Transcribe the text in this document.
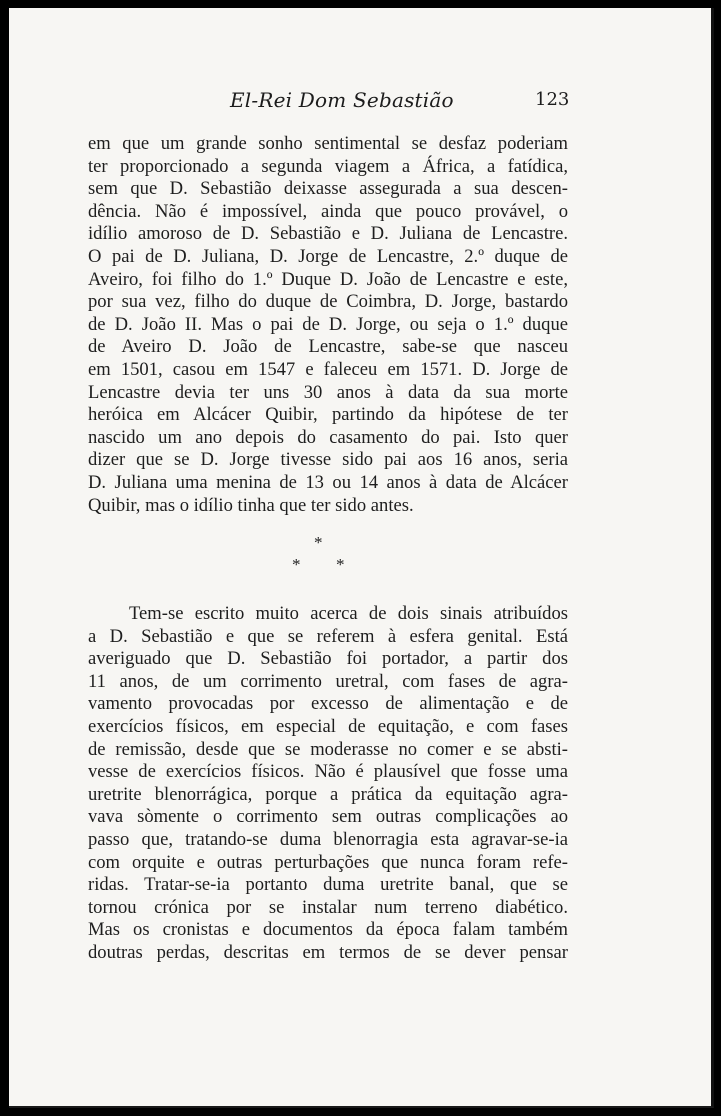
El-Rei Dom Sebastião	123
em que um grande sonho sentimental se desfaz poderiam
ter proporcionado a segunda viagem a África, a fatídica,
sem que D. Sebastião deixasse assegurada a sua descen-
dência. Não é impossível, ainda que pouco provável, o
idílio amoroso de D. Sebastião e D. Juliana de Lencastre.
O pai de D. Juliana, D. Jorge de Lencastre, 2.º duque de
Aveiro, foi filho do 1.º Duque D. João de Lencastre e este,
por sua vez, filho do duque de Coimbra, D. Jorge, bastardo
de D. João II. Mas o pai de D. Jorge, ou seja o 1.º duque
de Aveiro D. João de Lencastre, sabe-se que nasceu
em 1501, casou em 1547 e faleceu em 1571. D. Jorge de
Lencastre devia ter uns 30 anos à data da sua morte
heróica em Alcácer Quibir, partindo da hipótese de ter
nascido um ano depois do casamento do pai. Isto quer
dizer que se D. Jorge tivesse sido pai aos 16 anos, seria
D. Juliana uma menina de 13 ou 14 anos à data de Alcácer
Quibir, mas o idílio tinha que ter sido antes.
*
* *
Tem-se escrito muito acerca de dois sinais atribuídos
a D. Sebastião e que se referem à esfera genital. Está
averiguado que D. Sebastião foi portador, a partir dos
11 anos, de um corrimento uretral, com fases de agra-
vamento provocadas por excesso de alimentação e de
exercícios físicos, em especial de equitação, e com fases
de remissão, desde que se moderasse no comer e se absti-
vesse de exercícios físicos. Não é plausível que fosse uma
uretrite blenorrágica, porque a prática da equitação agra-
vava sòmente o corrimento sem outras complicações ao
passo que, tratando-se duma blenorragia esta agravar-se-ia
com orquite e outras perturbações que nunca foram refe-
ridas. Tratar-se-ia portanto duma uretrite banal, que se
tornou crónica por se instalar num terreno diabético.
Mas os cronistas e documentos da época falam também
doutras perdas, descritas em termos de se dever pensar
